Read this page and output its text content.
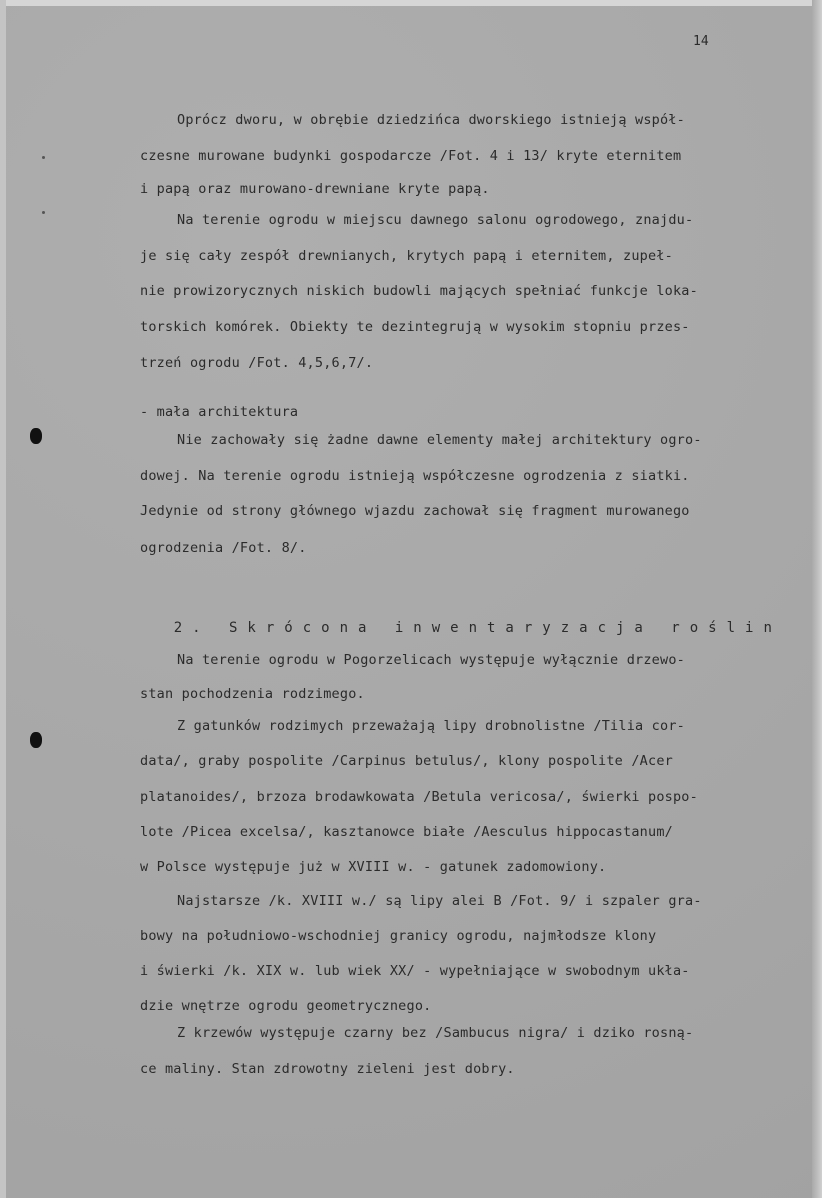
14
Oprócz dworu, w obrębie dziedzińca dworskiego istnieją współ-
czesne murowane budynki gospodarcze /Fot. 4 i 13/ kryte eternitem
i papą oraz murowano-drewniane kryte papą.
Na terenie ogrodu w miejscu dawnego salonu ogrodowego, znajdu-
je się cały zespół drewnianych, krytych papą i eternitem, zupeł-
nie prowizorycznych niskich budowli mających spełniać funkcje loka-
torskich komórek. Obiekty te dezintegrują w wysokim stopniu przes-
trzeń ogrodu /Fot. 4,5,6,7/.
- mała architektura
Nie zachowały się żadne dawne elementy małej architektury ogro-
dowej. Na terenie ogrodu istnieją współczesne ogrodzenia z siatki.
Jedynie od strony głównego wjazdu zachował się fragment murowanego
ogrodzenia /Fot. 8/.

2. Skrócona inwentaryzacja roślin

Na terenie ogrodu w Pogorzelicach występuje wyłącznie drzewo-
stan pochodzenia rodzimego.
Z gatunków rodzimych przeważają lipy drobnolistne /Tilia cor-
data/, graby pospolite /Carpinus betulus/, klony pospolite /Acer
platanoides/, brzoza brodawkowata /Betula vericosa/, świerki pospo-
lote /Picea excelsa/, kasztanowce białe /Aesculus hippocastanum/
w Polsce występuje już w XVIII w. - gatunek zadomowiony.
Najstarsze /k. XVIII w./ są lipy alei B /Fot. 9/ i szpaler gra-
bowy na południowo-wschodniej granicy ogrodu, najmłodsze klony
i świerki /k. XIX w. lub wiek XX/ - wypełniające w swobodnym ukła-
dzie wnętrze ogrodu geometrycznego.
Z krzewów występuje czarny bez /Sambucus nigra/ i dziko rosną-
ce maliny. Stan zdrowotny zieleni jest dobry.
